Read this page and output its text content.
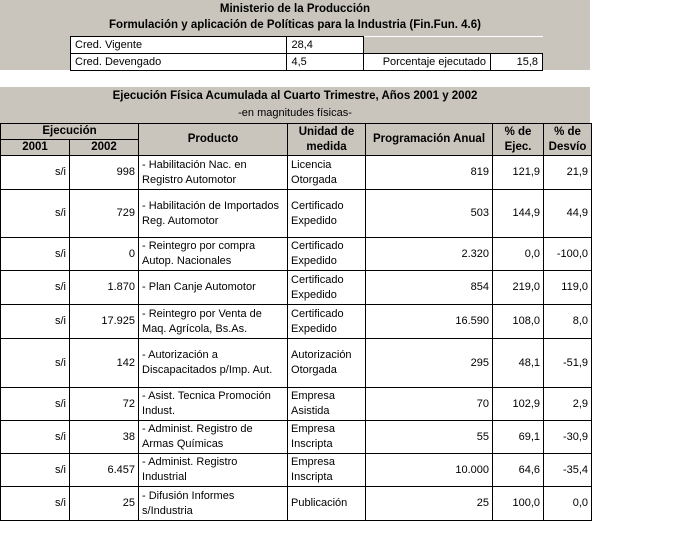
Ministerio de la Producción
Formulación y aplicación de Políticas para la Industria (Fin.Fun. 4.6)
Cred. Vigente	28,4		
Cred. Devengado	4,5	Porcentaje ejecutado	15,8
Ejecución Física Acumulada al Cuarto Trimestre, Años 2001 y 2002
-en magnitudes físicas-
Ejecución		Producto	Unidad de medida	Programación Anual	% de Ejec.	% de Desvío
2001	2002					
s/i	998	- Habilitación Nac. en Registro Automotor	Licencia Otorgada	819	121,9	21,9
s/i	729	- Habilitación de Importados Reg. Automotor	Certificado Expedido	503	144,9	44,9
s/i	0	- Reintegro por compra Autop. Nacionales	Certificado Expedido	2.320	0,0	-100,0
s/i	1.870	- Plan Canje Automotor	Certificado Expedido	854	219,0	119,0
s/i	17.925	- Reintegro por Venta de Maq. Agrícola, Bs.As.	Certificado Expedido	16.590	108,0	8,0
s/i	142	- Autorización a Discapacitados p/Imp. Aut.	Autorización Otorgada	295	48,1	-51,9
s/i	72	- Asist. Tecnica Promoción Indust.	Empresa Asistida	70	102,9	2,9
s/i	38	- Administ. Registro de Armas Químicas	Empresa Inscripta	55	69,1	-30,9
s/i	6.457	- Administ. Registro Industrial	Empresa Inscripta	10.000	64,6	-35,4
s/i	25	- Difusión Informes s/Industria	Publicación	25	100,0	0,0
